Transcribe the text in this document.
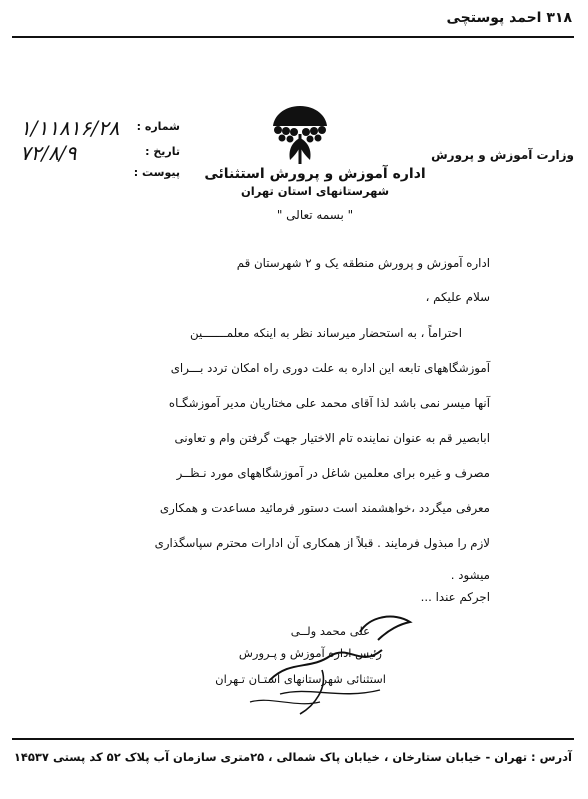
۳۱۸ احمد پوستچی
وزارت آموزش و پرورش
اداره آموزش و پرورش استثنائی
شهرستانهای استان تهران
شماره :
۱/۱۱۸۱۶/۲۸
تاریخ :
۷۲/۸/۹
پیوست :
" بسمه تعالی "
اداره آموزش و پرورش منطقه یک و ۲ شهرستان قم
سلام علیکم ،
احتراماً ، به استحضار میرساند نظر به اینکه معلمـــــــین
آموزشگاههای تابعه این اداره به علت دوری راه امکان تردد بـــرای
آنها میسر نمی باشد لذا آقای محمد علی مختاریان مدیر آموزشگـاه
ابابصیر قم به عنوان نماینده تام الاختیار جهت گرفتن وام و تعاونی
مصرف و غیره برای معلمین شاغل در آموزشگاههای مورد نـظــر
معرفی میگردد ،خواهشمند است دستور فرمائید مساعدت و همکاری
لازم را مبذول فرمایند . قبلاً از همکاری آن ادارات محترم سپاسگذاری
میشود .
اجرکم عندا ...
علی محمد ولــی
رئیس اداره آموزش و پـرورش
استثنائی شهرستانهای استـان تـهران
آدرس : تهران - خیابان ستارخان ، خیابان پاک شمالی ، ۲۵متری سازمان آب پلاک ۵۲ کد پستی ۱۴۵۳۷
